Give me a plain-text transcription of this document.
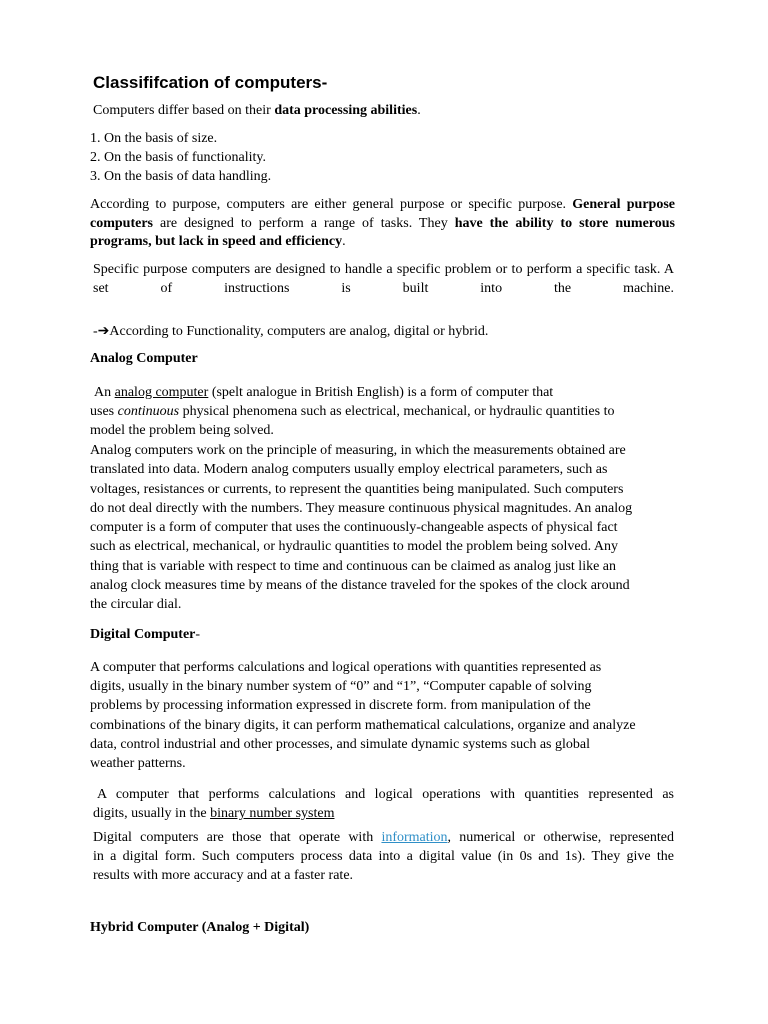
Classififcation of computers-
Computers differ based on their data processing abilities.
1. On the basis of size.
2. On the basis of functionality.
3. On the basis of data handling.
According to purpose, computers are either general purpose or specific purpose. General purpose computers are designed to perform a range of tasks. They have the ability to store numerous programs, but lack in speed and efficiency.
Specific purpose computers are designed to handle a specific problem or to perform a specific task. A set of instructions is built into the machine.
-➔According to Functionality, computers are analog, digital or hybrid.
Analog Computer
An analog computer (spelt analogue in British English) is a form of computer that
uses continuous physical phenomena such as electrical, mechanical, or hydraulic quantities to
model the problem being solved.
Analog computers work on the principle of measuring, in which the measurements obtained are
translated into data. Modern analog computers usually employ electrical parameters, such as
voltages, resistances or currents, to represent the quantities being manipulated. Such computers
do not deal directly with the numbers. They measure continuous physical magnitudes. An analog
computer is a form of computer that uses the continuously-changeable aspects of physical fact
such as electrical, mechanical, or hydraulic quantities to model the problem being solved. Any
thing that is variable with respect to time and continuous can be claimed as analog just like an
analog clock measures time by means of the distance traveled for the spokes of the clock around
the circular dial.
Digital Computer-
A computer that performs calculations and logical operations with quantities represented as
digits, usually in the binary number system of “0” and “1”, “Computer capable of solving
problems by processing information expressed in discrete form. from manipulation of the
combinations of the binary digits, it can perform mathematical calculations, organize and analyze
data, control industrial and other processes, and simulate dynamic systems such as global
weather patterns.
A computer that performs calculations and logical operations with quantities represented as
digits, usually in the binary number system
Digital computers are those that operate with information, numerical or otherwise, represented
in a digital form. Such computers process data into a digital value (in 0s and 1s). They give the
results with more accuracy and at a faster rate.
Hybrid Computer (Analog + Digital)
